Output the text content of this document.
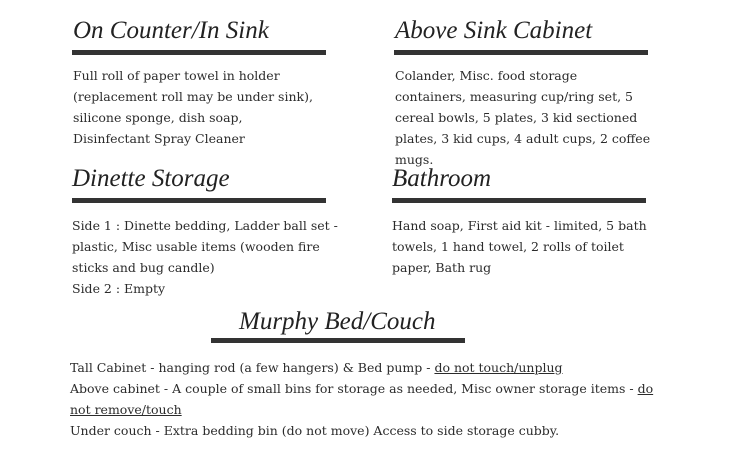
On Counter/In Sink
Full roll of paper towel in holder (replacement roll may be under sink), silicone sponge, dish soap, Disinfectant Spray Cleaner
Above Sink Cabinet
Colander, Misc. food storage containers, measuring cup/ring set, 5 cereal bowls, 5 plates, 3 kid sectioned plates, 3 kid cups, 4 adult cups, 2 coffee mugs.
Dinette Storage

Side 1 : Dinette bedding, Ladder ball set - plastic, Misc usable items (wooden fire sticks and bug candle)

Side 2 : Empty

Bathroom
Hand soap, First aid kit - limited, 5 bath towels, 1 hand towel, 2 rolls of toilet paper, Bath rug
Murphy Bed/Couch

Tall Cabinet - hanging rod (a few hangers) & Bed pump - do not touch/unplug

Above cabinet - A couple of small bins for storage as needed, Misc owner storage items - do not remove/touch

Under couch - Extra bedding bin (do not move) Access to side storage cubby.
